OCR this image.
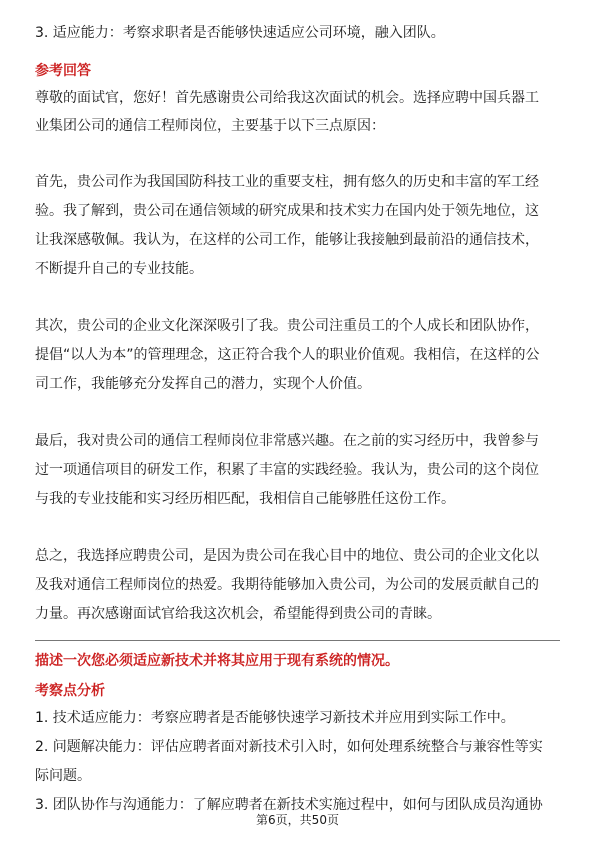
3. 适应能力：考察求职者是否能够快速适应公司环境，融入团队。
参考回答
尊敬的面试官，您好！首先感谢贵公司给我这次面试的机会。选择应聘中国兵器工
业集团公司的通信工程师岗位，主要基于以下三点原因：
首先，贵公司作为我国国防科技工业的重要支柱，拥有悠久的历史和丰富的军工经
验。我了解到，贵公司在通信领域的研究成果和技术实力在国内处于领先地位，这
让我深感敬佩。我认为，在这样的公司工作，能够让我接触到最前沿的通信技术，
不断提升自己的专业技能。
其次，贵公司的企业文化深深吸引了我。贵公司注重员工的个人成长和团队协作，
提倡“以人为本”的管理理念，这正符合我个人的职业价值观。我相信，在这样的公
司工作，我能够充分发挥自己的潜力，实现个人价值。
最后，我对贵公司的通信工程师岗位非常感兴趣。在之前的实习经历中，我曾参与
过一项通信项目的研发工作，积累了丰富的实践经验。我认为，贵公司的这个岗位
与我的专业技能和实习经历相匹配，我相信自己能够胜任这份工作。
总之，我选择应聘贵公司，是因为贵公司在我心目中的地位、贵公司的企业文化以
及我对通信工程师岗位的热爱。我期待能够加入贵公司，为公司的发展贡献自己的
力量。再次感谢面试官给我这次机会，希望能得到贵公司的青睐。
描述一次您必须适应新技术并将其应用于现有系统的情况。
考察点分析
1. 技术适应能力：考察应聘者是否能够快速学习新技术并应用到实际工作中。
2. 问题解决能力：评估应聘者面对新技术引入时，如何处理系统整合与兼容性等实
际问题。
3. 团队协作与沟通能力：了解应聘者在新技术实施过程中，如何与团队成员沟通协
第6页，共50页
